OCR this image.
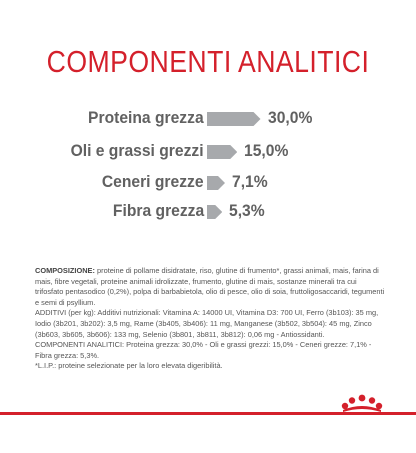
COMPONENTI ANALITICI
Proteina grezza	30,0%
Oli e grassi grezzi 15,0%
Ceneri grezze 7,1%
Fibra grezza 5,3%

COMPOSIZIONE: proteine di pollame disidratate, riso, glutine di frumento*, grassi animali, mais, farina di mais, fibre vegetali, proteine animali idrolizzate, frumento, glutine di mais, sostanze minerali tra cui trifosfato pentasodico (0,2%), polpa di barbabietola, olio di pesce, olio di soia, fruttoligosaccaridi, tegumenti e semi di psyllium.

ADDITIVI (per kg): Additivi nutrizionali: Vitamina A: 14000 UI, Vitamina D3: 700 UI, Ferro (3b103): 35 mg, Iodio (3b201, 3b202): 3,5 mg, Rame (3b405, 3b406): 11 mg, Manganese (3b502, 3b504): 45 mg, Zinco (3b603, 3b605, 3b606): 133 mg, Selenio (3b801, 3b811, 3b812): 0,06 mg - Antiossidanti.

COMPONENTI ANALITICI: Proteina grezza: 30,0% - Oli e grassi grezzi: 15,0% - Ceneri grezze: 7,1% - Fibra grezza: 5,3%.

*L.I.P.: proteine selezionate per la loro elevata digeribilità.
